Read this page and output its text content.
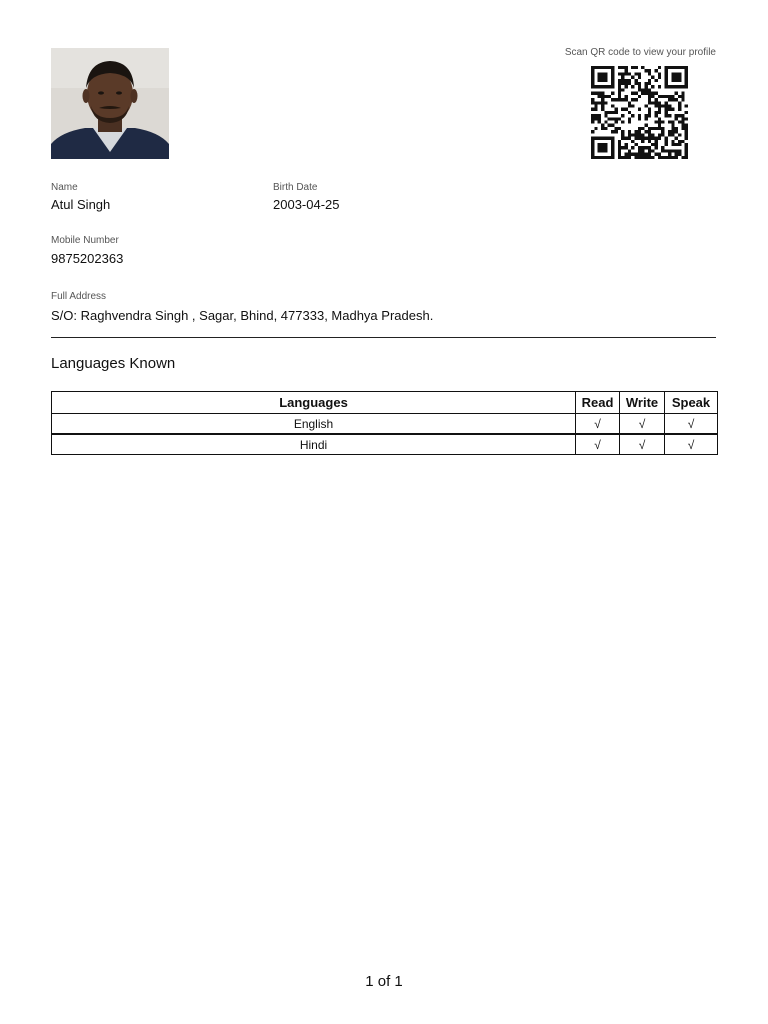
Scan QR code to view your profile
Name
Atul Singh
Birth Date
2003-04-25
Mobile Number
9875202363
Full Address
S/O: Raghvendra Singh , Sagar, Bhind, 477333, Madhya Pradesh.
Languages Known
Languages	Read	Write	Speak
English	√	√	√
Hindi	√	√	√
1 of 1
